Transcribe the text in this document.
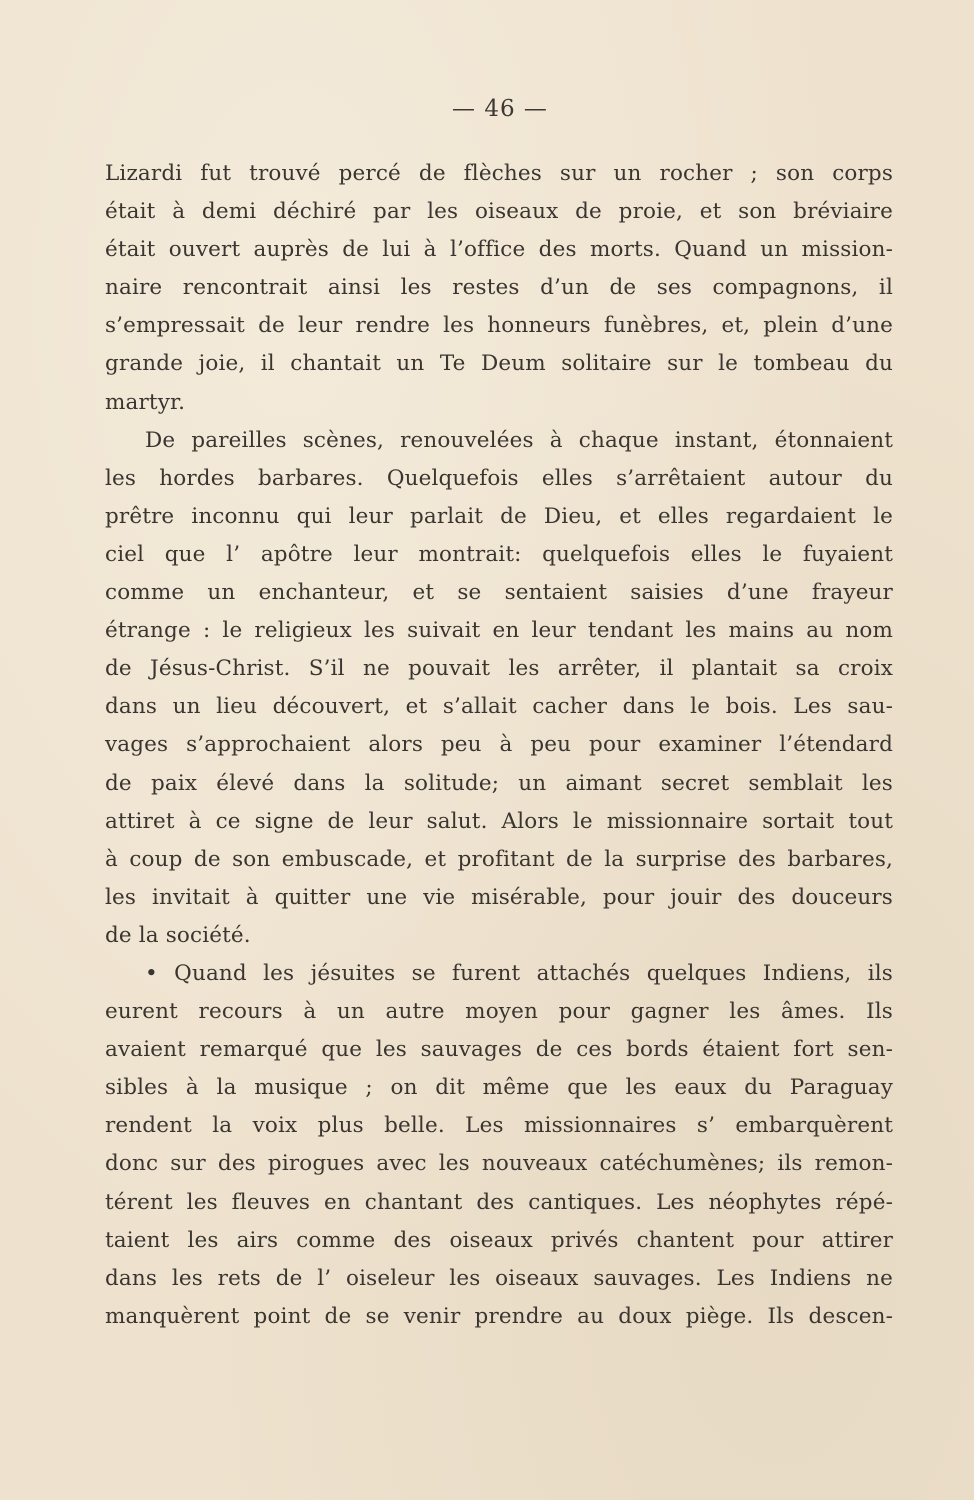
— 46 —
Lizardi fut trouvé percé de flèches sur un rocher ; son corps
était à demi déchiré par les oiseaux de proie, et son bréviaire
était ouvert auprès de lui à l’office des morts. Quand un mission-
naire rencontrait ainsi les restes d’un de ses compagnons, il
s’empressait de leur rendre les honneurs funèbres, et, plein d’une
grande joie, il chantait un Te Deum solitaire sur le tombeau du
martyr.
De pareilles scènes, renouvelées à chaque instant, étonnaient
les hordes barbares. Quelquefois elles s’arrêtaient autour du
prêtre inconnu qui leur parlait de Dieu, et elles regardaient le
ciel que l’ apôtre leur montrait: quelquefois elles le fuyaient
comme un enchanteur, et se sentaient saisies d’une frayeur
étrange : le religieux les suivait en leur tendant les mains au nom
de Jésus-Christ. S’il ne pouvait les arrêter, il plantait sa croix
dans un lieu découvert, et s’allait cacher dans le bois. Les sau-
vages s’approchaient alors peu à peu pour examiner l’étendard
de paix élevé dans la solitude; un aimant secret semblait les
attiret à ce signe de leur salut. Alors le missionnaire sortait tout
à coup de son embuscade, et profitant de la surprise des barbares,
les invitait à quitter une vie misérable, pour jouir des douceurs
de la société.
• Quand les jésuites se furent attachés quelques Indiens, ils
eurent recours à un autre moyen pour gagner les âmes. Ils
avaient remarqué que les sauvages de ces bords étaient fort sen-
sibles à la musique ; on dit même que les eaux du Paraguay
rendent la voix plus belle. Les missionnaires s’ embarquèrent
donc sur des pirogues avec les nouveaux catéchumènes; ils remon-
térent les fleuves en chantant des cantiques. Les néophytes répé-
taient les airs comme des oiseaux privés chantent pour attirer
dans les rets de l’ oiseleur les oiseaux sauvages. Les Indiens ne
manquèrent point de se venir prendre au doux piège. Ils descen-
